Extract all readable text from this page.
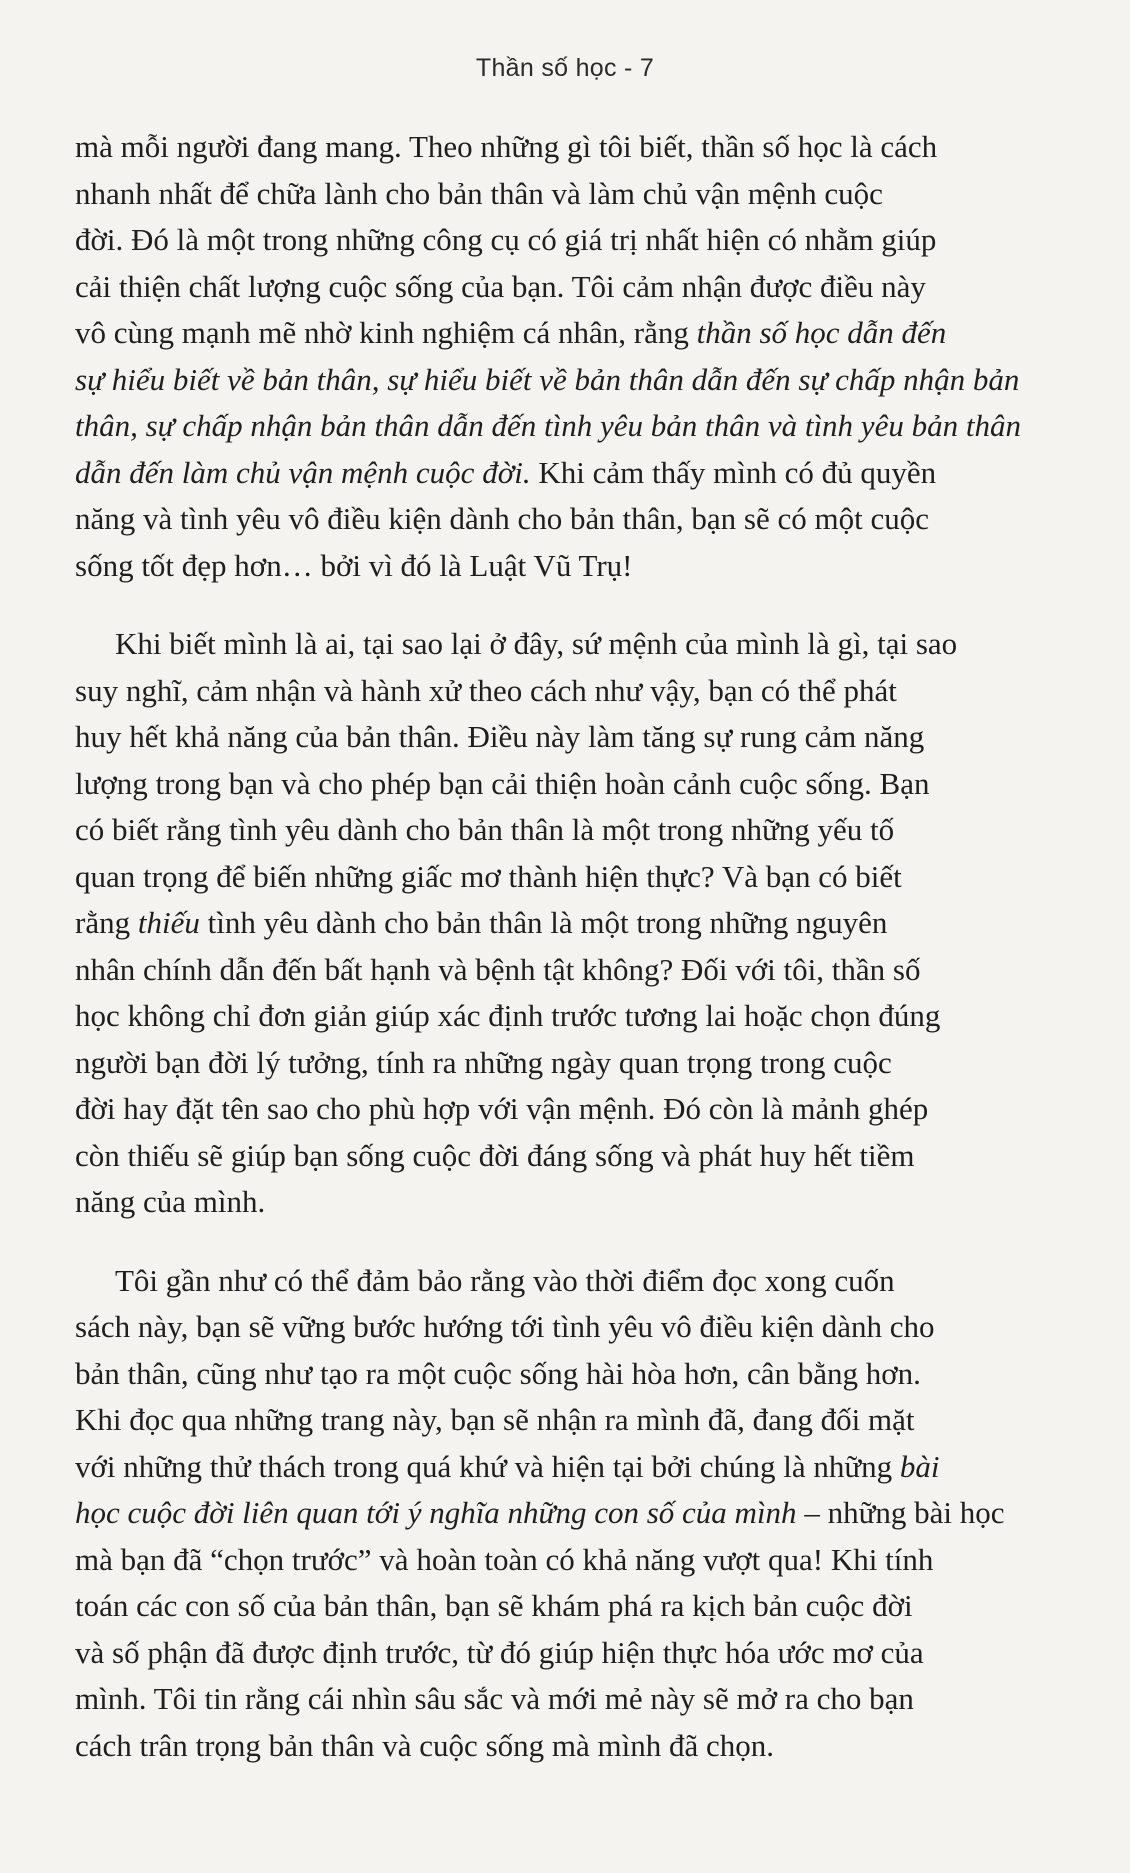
Thần số học - 7
mà mỗi người đang mang. Theo những gì tôi biết, thần số học là cách
nhanh nhất để chữa lành cho bản thân và làm chủ vận mệnh cuộc
đời. Đó là một trong những công cụ có giá trị nhất hiện có nhằm giúp
cải thiện chất lượng cuộc sống của bạn. Tôi cảm nhận được điều này
vô cùng mạnh mẽ nhờ kinh nghiệm cá nhân, rằng thần số học dẫn đến
sự hiểu biết về bản thân, sự hiểu biết về bản thân dẫn đến sự chấp nhận bản
thân, sự chấp nhận bản thân dẫn đến tình yêu bản thân và tình yêu bản thân
dẫn đến làm chủ vận mệnh cuộc đời. Khi cảm thấy mình có đủ quyền
năng và tình yêu vô điều kiện dành cho bản thân, bạn sẽ có một cuộc
sống tốt đẹp hơn… bởi vì đó là Luật Vũ Trụ!
Khi biết mình là ai, tại sao lại ở đây, sứ mệnh của mình là gì, tại sao
suy nghĩ, cảm nhận và hành xử theo cách như vậy, bạn có thể phát
huy hết khả năng của bản thân. Điều này làm tăng sự rung cảm năng
lượng trong bạn và cho phép bạn cải thiện hoàn cảnh cuộc sống. Bạn
có biết rằng tình yêu dành cho bản thân là một trong những yếu tố
quan trọng để biến những giấc mơ thành hiện thực? Và bạn có biết
rằng thiếu tình yêu dành cho bản thân là một trong những nguyên
nhân chính dẫn đến bất hạnh và bệnh tật không? Đối với tôi, thần số
học không chỉ đơn giản giúp xác định trước tương lai hoặc chọn đúng
người bạn đời lý tưởng, tính ra những ngày quan trọng trong cuộc
đời hay đặt tên sao cho phù hợp với vận mệnh. Đó còn là mảnh ghép
còn thiếu sẽ giúp bạn sống cuộc đời đáng sống và phát huy hết tiềm
năng của mình.
Tôi gần như có thể đảm bảo rằng vào thời điểm đọc xong cuốn
sách này, bạn sẽ vững bước hướng tới tình yêu vô điều kiện dành cho
bản thân, cũng như tạo ra một cuộc sống hài hòa hơn, cân bằng hơn.
Khi đọc qua những trang này, bạn sẽ nhận ra mình đã, đang đối mặt
với những thử thách trong quá khứ và hiện tại bởi chúng là những bài
học cuộc đời liên quan tới ý nghĩa những con số của mình – những bài học
mà bạn đã “chọn trước” và hoàn toàn có khả năng vượt qua! Khi tính
toán các con số của bản thân, bạn sẽ khám phá ra kịch bản cuộc đời
và số phận đã được định trước, từ đó giúp hiện thực hóa ước mơ của
mình. Tôi tin rằng cái nhìn sâu sắc và mới mẻ này sẽ mở ra cho bạn
cách trân trọng bản thân và cuộc sống mà mình đã chọn.
